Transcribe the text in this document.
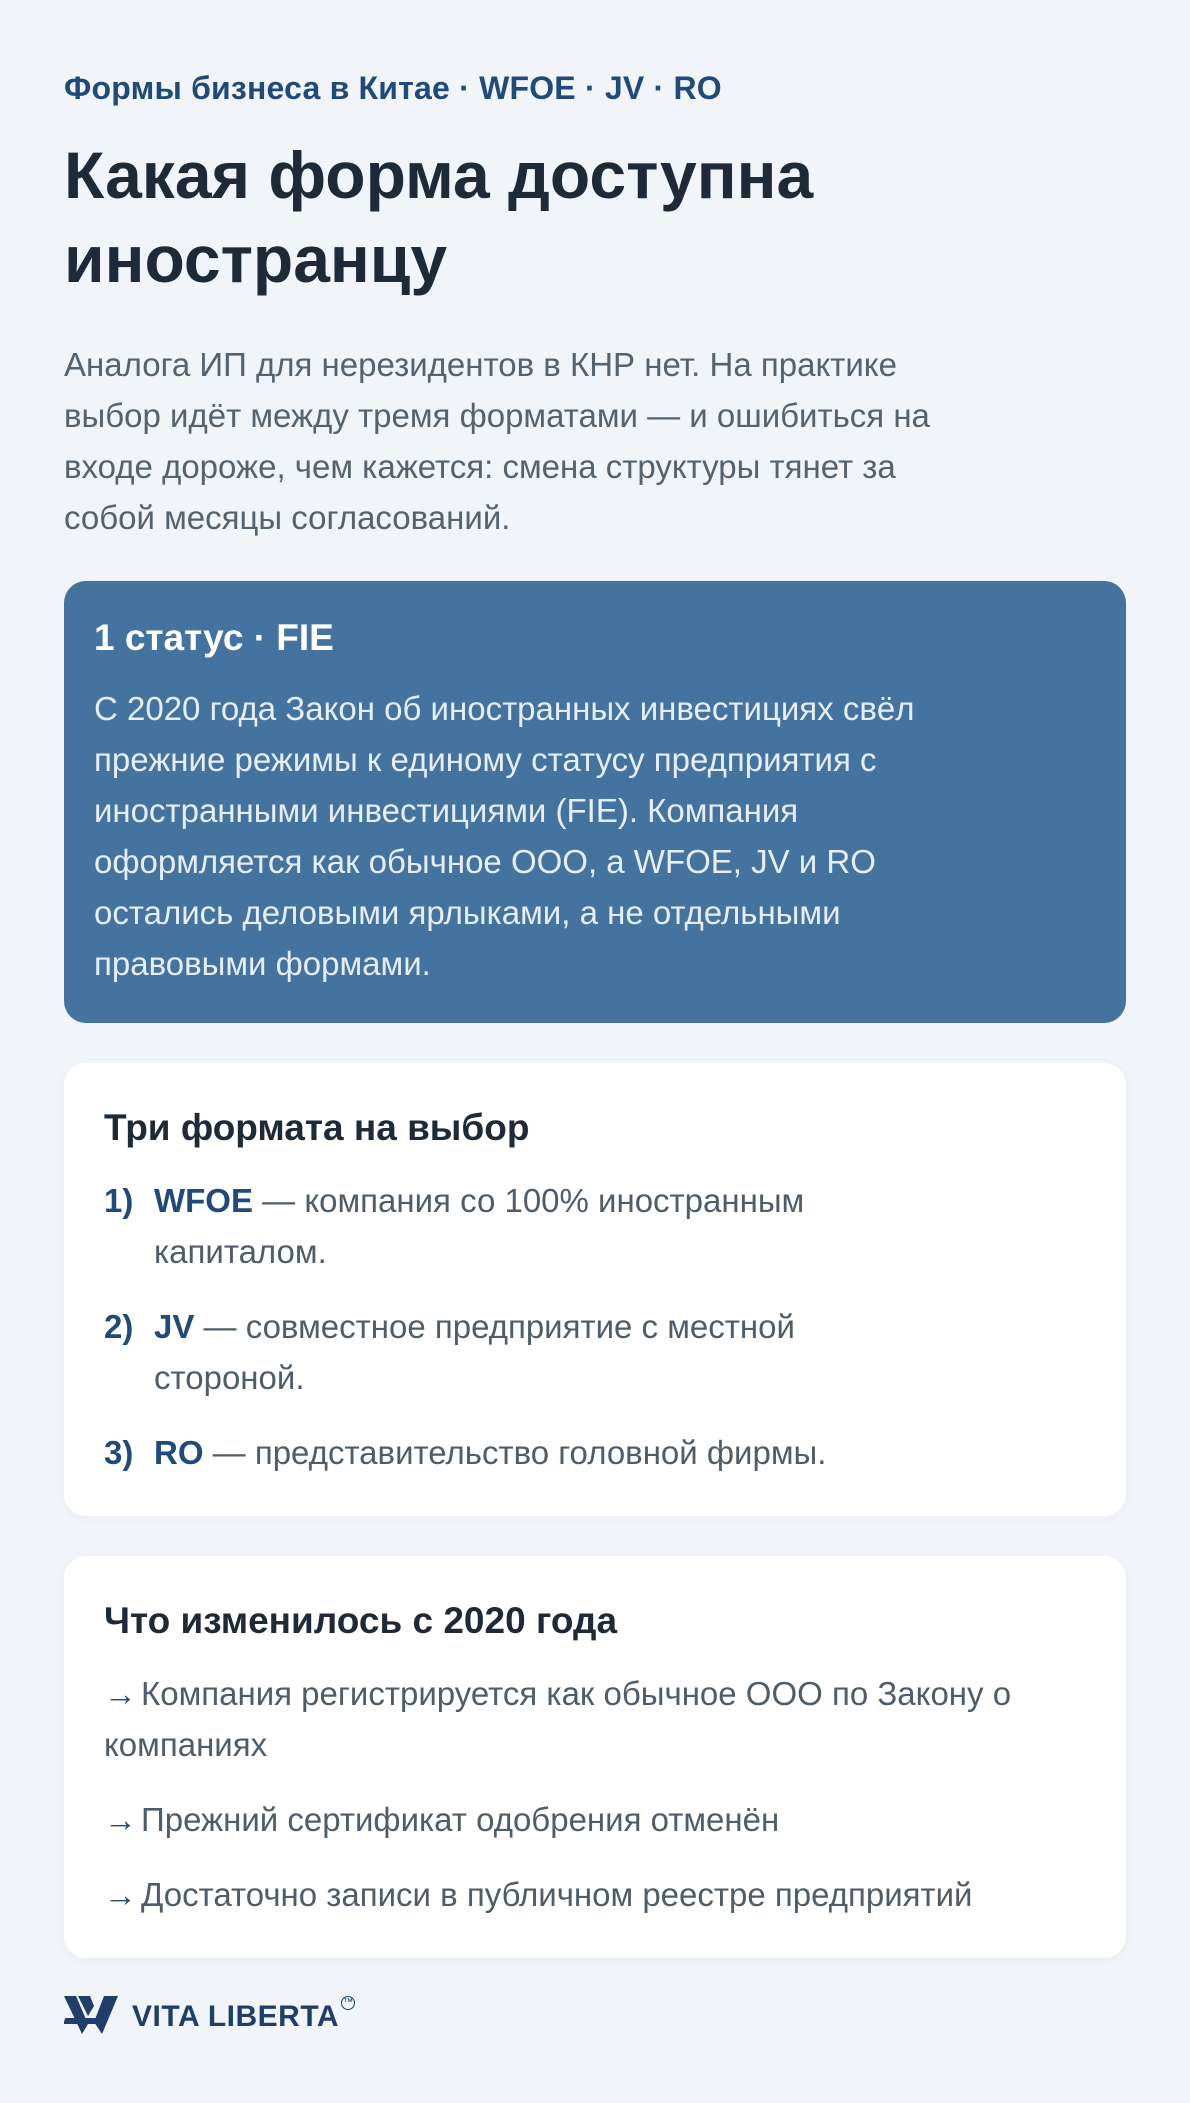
Формы бизнеса в Китае · WFOE · JV · RO
Какая форма доступна иностранцу
Аналога ИП для нерезидентов в КНР нет. На практике выбор идёт между тремя форматами — и ошибиться на входе дороже, чем кажется: смена структуры тянет за собой месяцы согласований.
1 статус · FIE
С 2020 года Закон об иностранных инвестициях свёл прежние режимы к единому статусу предприятия с иностранными инвестициями (FIE). Компания оформляется как обычное ООО, а WFOE, JV и RO остались деловыми ярлыками, а не отдельными правовыми формами.
Три формата на выбор
1) WFOE — компания со 100% иностранным капиталом.
2) JV — совместное предприятие с местной стороной.
3) RO — представительство головной фирмы.
Что изменилось с 2020 года
→ Компания регистрируется как обычное ООО по Закону о компаниях
→ Прежний сертификат одобрения отменён
→ Достаточно записи в публичном реестре предприятий
VITA LIBERTA ™
